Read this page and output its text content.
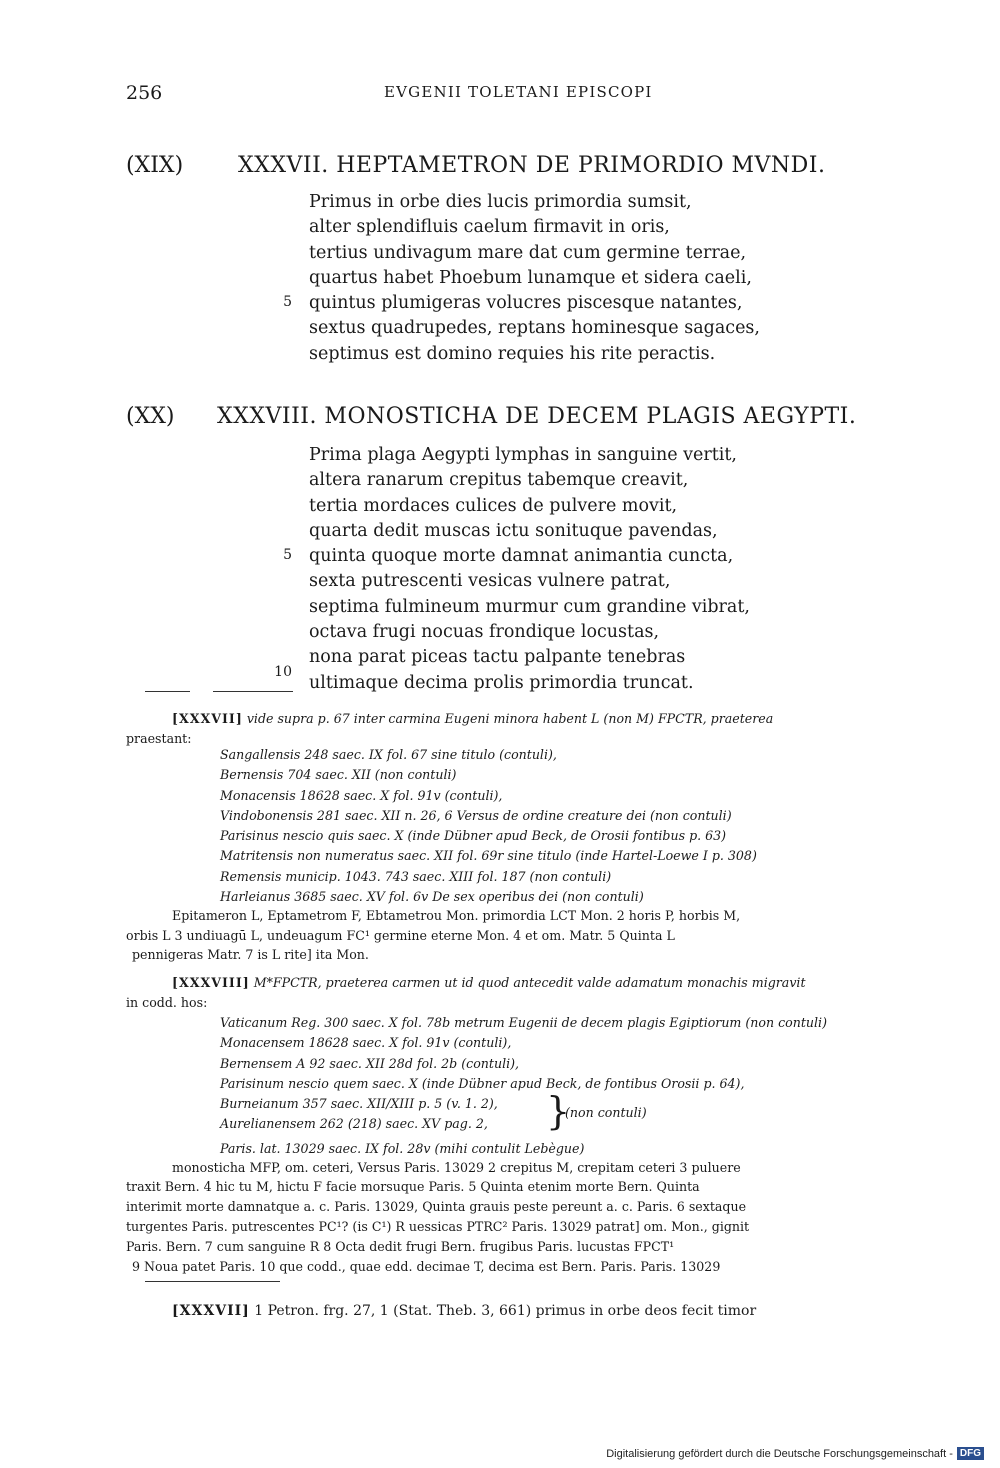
256	EVGENII TOLETANI EPISCOPI
(XIX) XXXVII. HEPTAMETRON DE PRIMORDIO MVNDI.
Primus in orbe dies lucis primordia sumsit,
alter splendifluis caelum firmavit in oris,
tertius undivagum mare dat cum germine terrae,
quartus habet Phoebum lunamque et sidera caeli,
quintus plumigeras volucres piscesque natantes,
sextus quadrupedes, reptans hominesque sagaces,
septimus est domino requies his rite peractis.
5
(XX) XXXVIII. MONOSTICHA DE DECEM PLAGIS AEGYPTI.
Prima plaga Aegypti lymphas in sanguine vertit,
altera ranarum crepitus tabemque creavit,
tertia mordaces culices de pulvere movit,
quarta dedit muscas ictu sonituque pavendas,
quinta quoque morte damnat animantia cuncta,
sexta putrescenti vesicas vulnere patrat,
septima fulmineum murmur cum grandine vibrat,
octava frugi nocuas frondique locustas,
nona parat piceas tactu palpante tenebras
ultimaque decima prolis primordia truncat.
5
10
[XXXVII] vide supra p. 67 inter carmina Eugeni minora habent L (non M) FPCTR, praeterea
praestant:
Sangallensis 248 saec. IX fol. 67 sine titulo (contuli),
Bernensis 704 saec. XII (non contuli)
Monacensis 18628 saec. X fol. 91v (contuli),
Vindobonensis 281 saec. XII n. 26, 6 Versus de ordine creature dei (non contuli)
Parisinus nescio quis saec. X (inde Dübner apud Beck, de Orosii fontibus p. 63)
Matritensis non numeratus saec. XII fol. 69r sine titulo (inde Hartel-Loewe I p. 308)
Remensis municip. 1043. 743 saec. XIII fol. 187 (non contuli)
Harleianus 3685 saec. XV fol. 6v De sex operibus dei (non contuli)
Epitameron L, Eptametrom F, Ebtametrou Mon. primordia LCT Mon. 2 horis P, horbis M,
orbis L 3 undiuagū L, undeuagum FC¹ germine eterne Mon. 4 et om. Matr. 5 Quinta L
pennigeras Matr. 7 is L rite] ita Mon.
[XXXVIII] M*FPCTR, praeterea carmen ut id quod antecedit valde adamatum monachis migravit
in codd. hos:
Vaticanum Reg. 300 saec. X fol. 78b metrum Eugenii de decem plagis Egiptiorum (non contuli)
Monacensem 18628 saec. X fol. 91v (contuli),
Bernensem A 92 saec. XII 28d fol. 2b (contuli),
Parisinum nescio quem saec. X (inde Dübner apud Beck, de fontibus Orosii p. 64),
Burneianum 357 saec. XII/XIII p. 5 (v. 1. 2),
Aurelianensem 262 (218) saec. XV pag. 2,
Paris. lat. 13029 saec. IX fol. 28v (mihi contulit Lebègue)
}
(non contuli)
monosticha MFP, om. ceteri, Versus Paris. 13029 2 crepitus M, crepitam ceteri 3 puluere
traxit Bern. 4 hic tu M, hictu F facie morsuque Paris. 5 Quinta etenim morte Bern. Quinta
interimit morte damnatque a. c. Paris. 13029, Quinta grauis peste pereunt a. c. Paris. 6 sextaque
turgentes Paris. putrescentes PC¹? (is C¹) R uessicas PTRC² Paris. 13029 patrat] om. Mon., gignit
Paris. Bern. 7 cum sanguine R 8 Octa dedit frugi Bern. frugibus Paris. lucustas FPCT¹
9 Noua patet Paris. 10 que codd., quae edd. decimae T, decima est Bern. Paris. Paris. 13029
[XXXVII] 1 Petron. frg. 27, 1 (Stat. Theb. 3, 661) primus in orbe deos fecit timor
Digitalisierung gefördert durch die Deutsche Forschungsgemeinschaft - DFG
